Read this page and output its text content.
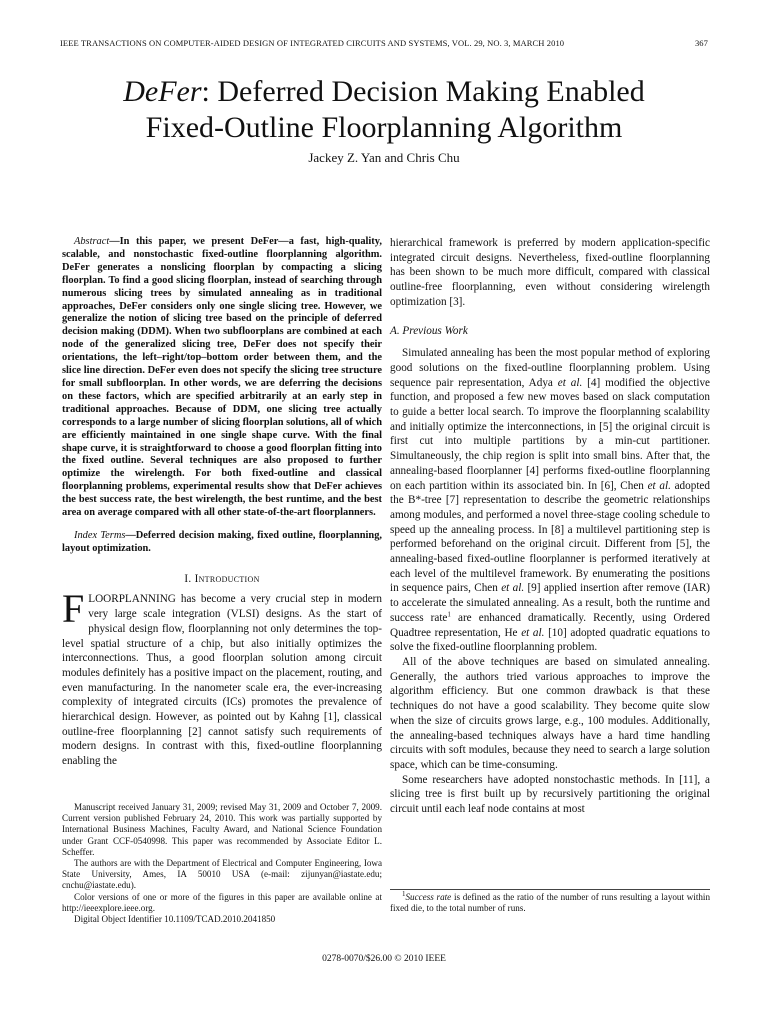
IEEE TRANSACTIONS ON COMPUTER-AIDED DESIGN OF INTEGRATED CIRCUITS AND SYSTEMS, VOL. 29, NO. 3, MARCH 2010	367
DeFer: Deferred Decision Making Enabled
Fixed-Outline Floorplanning Algorithm
Jackey Z. Yan and Chris Chu

Abstract—In this paper, we present DeFer—a fast, high-quality, scalable, and nonstochastic fixed-outline floorplanning algorithm. DeFer generates a nonslicing floorplan by compacting a slicing floorplan. To find a good slicing floorplan, instead of searching through numerous slicing trees by simulated annealing as in traditional approaches, DeFer considers only one single slicing tree. However, we generalize the notion of slicing tree based on the principle of deferred decision making (DDM). When two subfloorplans are combined at each node of the generalized slicing tree, DeFer does not specify their orientations, the left–right/top–bottom order between them, and the slice line direction. DeFer even does not specify the slicing tree structure for small subfloorplan. In other words, we are deferring the decisions on these factors, which are specified arbitrarily at an early step in traditional approaches. Because of DDM, one slicing tree actually corresponds to a large number of slicing floorplan solutions, all of which are efficiently maintained in one single shape curve. With the final shape curve, it is straightforward to choose a good floorplan fitting into the fixed outline. Several techniques are also proposed to further optimize the wirelength. For both fixed-outline and classical floorplanning problems, experimental results show that DeFer achieves the best success rate, the best wirelength, the best runtime, and the best area on average compared with all other state-of-the-art floorplanners.

Index Terms—Deferred decision making, fixed outline, floorplanning, layout optimization.

I. Introduction

FLOORPLANNING has become a very crucial step in modern very large scale integration (VLSI) designs. As the start of physical design flow, floorplanning not only determines the top-level spatial structure of a chip, but also initially optimizes the interconnections. Thus, a good floorplan solution among circuit modules definitely has a positive impact on the placement, routing, and even manufacturing. In the nanometer scale era, the ever-increasing complexity of integrated circuits (ICs) promotes the prevalence of hierarchical design. However, as pointed out by Kahng [1], classical outline-free floorplanning [2] cannot satisfy such requirements of modern designs. In contrast with this, fixed-outline floorplanning enabling the

Manuscript received January 31, 2009; revised May 31, 2009 and October 7, 2009. Current version published February 24, 2010. This work was partially supported by International Business Machines, Faculty Award, and National Science Foundation under Grant CCF-0540998. This paper was recommended by Associate Editor L. Scheffer.

The authors are with the Department of Electrical and Computer Engineering, Iowa State University, Ames, IA 50010 USA (e-mail: zijunyan@iastate.edu; cnchu@iastate.edu).

Color versions of one or more of the figures in this paper are available online at http://ieeexplore.ieee.org.

Digital Object Identifier 10.1109/TCAD.2010.2041850

hierarchical framework is preferred by modern application-specific integrated circuit designs. Nevertheless, fixed-outline floorplanning has been shown to be much more difficult, compared with classical outline-free floorplanning, even without considering wirelength optimization [3].

A. Previous Work

Simulated annealing has been the most popular method of exploring good solutions on the fixed-outline floorplanning problem. Using sequence pair representation, Adya et al. [4] modified the objective function, and proposed a few new moves based on slack computation to guide a better local search. To improve the floorplanning scalability and initially optimize the interconnections, in [5] the original circuit is first cut into multiple partitions by a min-cut partitioner. Simultaneously, the chip region is split into small bins. After that, the annealing-based floorplanner [4] performs fixed-outline floorplanning on each partition within its associated bin. In [6], Chen et al. adopted the B*-tree [7] representation to describe the geometric relationships among modules, and performed a novel three-stage cooling schedule to speed up the annealing process. In [8] a multilevel partitioning step is performed beforehand on the original circuit. Different from [5], the annealing-based fixed-outline floorplanner is performed iteratively at each level of the multilevel framework. By enumerating the positions in sequence pairs, Chen et al. [9] applied insertion after remove (IAR) to accelerate the simulated annealing. As a result, both the runtime and success rate$^1$ are enhanced dramatically. Recently, using Ordered Quadtree representation, He et al. [10] adopted quadratic equations to solve the fixed-outline floorplanning problem.

All of the above techniques are based on simulated annealing. Generally, the authors tried various approaches to improve the algorithm efficiency. But one common drawback is that these techniques do not have a good scalability. They become quite slow when the size of circuits grows large, e.g., 100 modules. Additionally, the annealing-based techniques always have a hard time handling circuits with soft modules, because they need to search a large solution space, which can be time-consuming.

Some researchers have adopted nonstochastic methods. In [11], a slicing tree is first built up by recursively partitioning the original circuit until each leaf node contains at most

$^1$Success rate is defined as the ratio of the number of runs resulting a layout within fixed die, to the total number of runs.

0278-0070/$26.00 © 2010 IEEE
